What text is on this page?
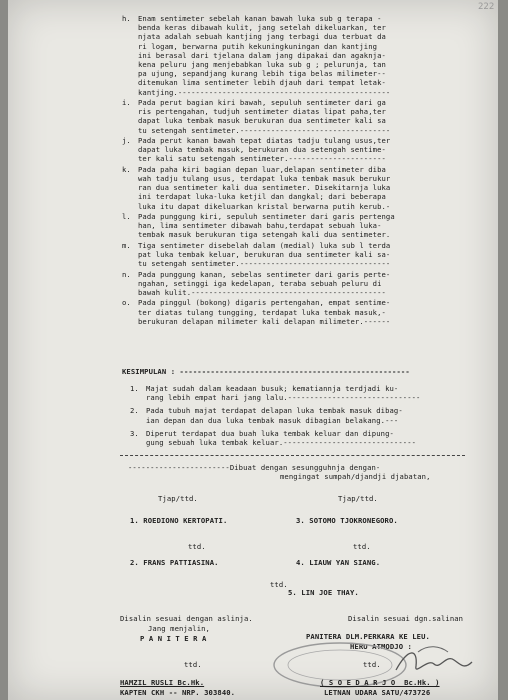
222
h. Enam sentimeter sebelah kanan bawah luka sub g terapa -
benda keras dibawah kulit, jang setelah dikeluarkan, ter
njata adalah sebuah kantjing jang terbagi dua terbuat da
ri logam, berwarna putih kekuningkuningan dan kantjing
ini berasal dari tjelana dalam jang dipakai dan agaknja-
kena peluru jang menjebabkan luka sub g ; pelurunja, tan
pa ujung, sepandjang kurang lebih tiga belas milimeter--
ditemukan lima sentimeter lebih djauh dari tempat letak-
kantjing.------------------------------------------------
i. Pada perut bagian kiri bawah, sepuluh sentimeter dari ga
ris pertengahan, tudjuh sentimeter diatas lipat paha,ter
dapat luka tembak masuk berukuran dua sentimeter kali sa
tu setengah sentimeter.----------------------------------
j. Pada perut kanan bawah tepat diatas tadju tulang usus,ter
dapat luka tembak masuk, berukuran dua setengah sentime-
ter kali satu setengah sentimeter.----------------------
k. Pada paha kiri bagian depan luar,delapan sentimeter diba
wah tadju tulang usus, terdapat luka tembak masuk berukur
ran dua sentimeter kali dua sentimeter. Disekitarnja luka
ini terdapat luka-luka ketjil dan dangkal; dari beberapa
luka itu dapat dikeluarkan kristal berwarna putih kerub.-
l. Pada punggung kiri, sepuluh sentimeter dari garis pertenga
han, lima sentimeter dibawah bahu,terdapat sebuah luka-
tembak masuk berukuran tiga setengah kali dua sentimeter.
m. Tiga sentimeter disebelah dalam (medial) luka sub l terda
pat luka tembak keluar, berukuran dua sentimeter kali sa-
tu setengah sentimeter.----------------------------------
n. Pada punggung kanan, sebelas sentimeter dari garis perte-
ngahan, setinggi iga kedelapan, teraba sebuah peluru di
bawah kulit.--------------------------------------------
o. Pada pinggul (bokong) digaris pertengahan, empat sentime-
ter diatas tulang tungging, terdapat luka tembak masuk,-
berukuran delapan milimeter kali delapan milimeter.------
KESIMPULAN : ----------------------------------------------------
1. Majat sudah dalam keadaan busuk; kematiannja terdjadi ku-
rang lebih empat hari jang lalu.------------------------------
2. Pada tubuh majat terdapat delapan luka tembak masuk dibag-
ian depan dan dua luka tembak masuk dibagian belakang.---
3. Diperut terdapat dua buah luka tembak keluar dan dipung-
gung sebuah luka tembak keluar.------------------------------
-----------------------Dibuat dengan sesungguhnja dengan-
mengingat sumpah/djandji djabatan,
Tjap/ttd.	Tjap/ttd.
1. ROEDIONO KERTOPATI.	3. SOTOMO TJOKRONEGORO.
ttd.	ttd.
2. FRANS PATTIASINA.	4. LIAUW YAN SIANG.
ttd.
5. LIN JOE THAY.
Disalin sesuai dengan aslinja.
Jang menjalin,
P A N I T E R A
Disalin sesuai dgn.salinan
PANITERA DLM.PERKARA KE LEU.
HERU ATMODJO :
ttd.	ttd.
HAMZIL RUSLI Bc.Hk.	( S O E D A R J O  Bc.Hk. )
KAPTEN CKH -- NRP. 303840.	LETNAN UDARA SATU/473726
